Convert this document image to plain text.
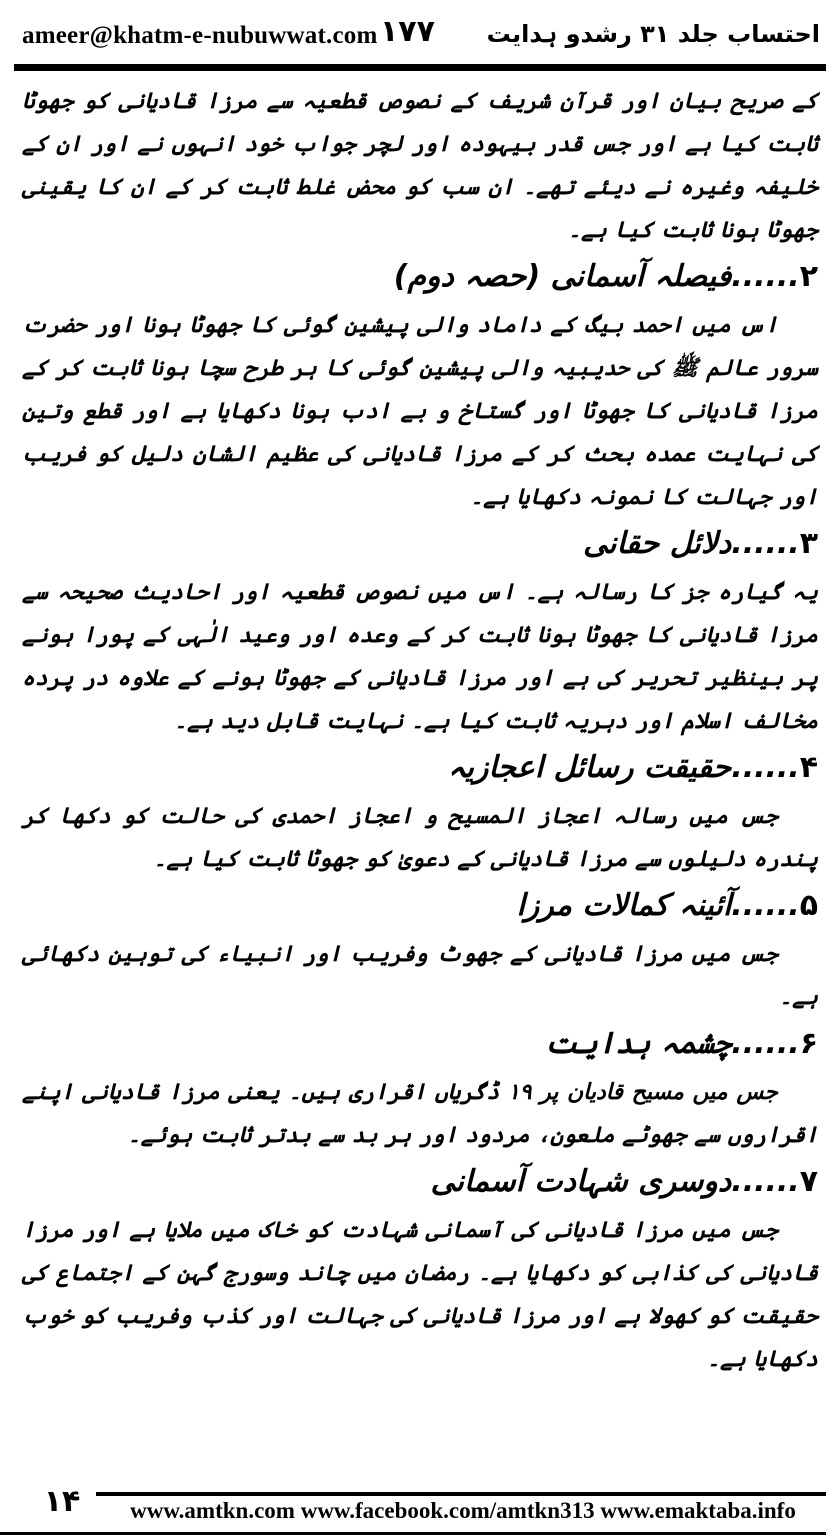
ameer@khatm-e-nubuwwat.com ۱۷۷ احتساب جلد ۳۱ رشدو ہدایت

کے صریح بیان اور قرآن شریف کے نصوص قطعیہ سے مرزا قادیانی کو جھوٹا ثابت کیا ہے اور جس قدر بیہودہ اور لچر جواب خود انہوں نے اور ان کے خلیفہ وغیرہ نے دیئے تھے۔ ان سب کو محض غلط ثابت کر کے ان کا یقینی جھوٹا ہونا ثابت کیا ہے۔

۲......فیصلہ آسمانی (حصہ دوم)

اس میں احمد بیگ کے داماد والی پیشین گوئی کا جھوٹا ہونا اور حضرت سرور عالم ﷺ کی حدیبیہ والی پیشین گوئی کا ہر طرح سچا ہونا ثابت کر کے مرزا قادیانی کا جھوٹا اور گستاخ و بے ادب ہونا دکھایا ہے اور قطع وتین کی نہایت عمدہ بحث کر کے مرزا قادیانی کی عظیم الشان دلیل کو فریب اور جہالت کا نمونہ دکھایا ہے۔

۳......دلائل حقانی

یہ گیارہ جز کا رسالہ ہے۔ اس میں نصوص قطعیہ اور احادیث صحیحہ سے مرزا قادیانی کا جھوٹا ہونا ثابت کر کے وعدہ اور وعید الٰہی کے پورا ہونے پر بینظیر تحریر کی ہے اور مرزا قادیانی کے جھوٹا ہونے کے علاوہ در پردہ مخالف اسلام اور دہریہ ثابت کیا ہے۔ نہایت قابل دید ہے۔

۴......حقیقت رسائل اعجازیہ

جس میں رسالہ اعجاز المسیح و اعجاز احمدی کی حالت کو دکھا کر پندرہ دلیلوں سے مرزا قادیانی کے دعویٰ کو جھوٹا ثابت کیا ہے۔

۵......آئینہ کمالات مرزا

جس میں مرزا قادیانی کے جھوٹ وفریب اور انبیاء کی توہین دکھائی ہے۔

۶......چشمہ ہدایت

جس میں مسیح قادیان پر ۱۹ ڈگریاں اقراری ہیں۔ یعنی مرزا قادیانی اپنے اقراروں سے جھوٹے ملعون، مردود اور ہر بد سے بدتر ثابت ہوئے۔

۷......دوسری شہادت آسمانی

جس میں مرزا قادیانی کی آسمانی شہادت کو خاک میں ملایا ہے اور مرزا قادیانی کی کذابی کو دکھایا ہے۔ رمضان میں چاند وسورج گہن کے اجتماع کی حقیقت کو کھولا ہے اور مرزا قادیانی کی جہالت اور کذب وفریب کو خوب دکھایا ہے۔

۱۴	www.amtkn.com www.facebook.com/amtkn313 www.emaktaba.info
